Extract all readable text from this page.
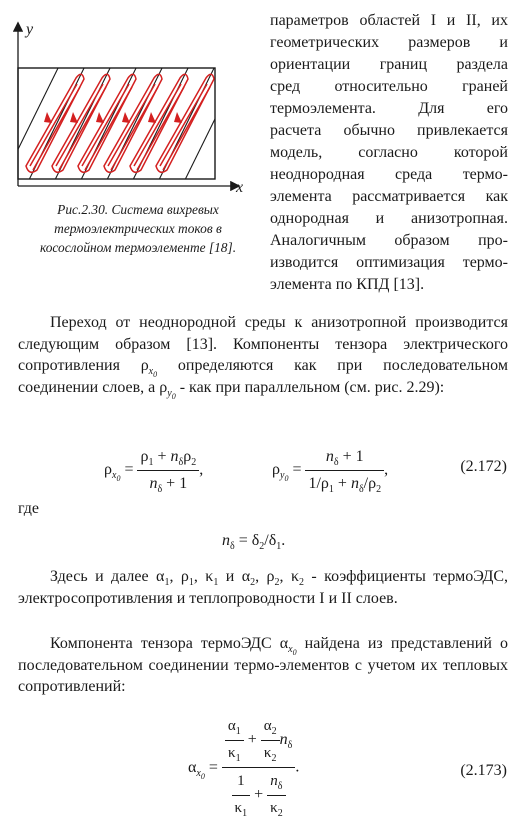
y
x
Рис.2.30. Система вихревых термоэлектрических токов в косослойном термоэлементе [18].
параметров областей I и II, их
геометрических размеров и
ориентации границ раздела
сред относительно граней
термоэлемента. Для его
расчета обычно привлекается
модель, согласно которой
неоднородная среда термо-
элемента рассматривается как
однородная и анизотропная.
Аналогичным образом про-
изводится оптимизация термо-
элемента по КПД [13].
Переход от неоднородной среды к анизотропной производится следующим образом [13]. Компоненты тензора электрического сопротивления $\rho_{x_0}$ определяются как при последовательном соединении слоев, а $\rho_{y_0}$ - как при параллельном (см. рис. 2.29):
$\rho_{x_0} = \frac{\rho_1 + n_\delta\rho_2}{n_\delta + 1}$ ,	$\rho_{y_0} = \frac{n_\delta + 1}{1/\rho_1 + n_\delta/\rho_2}$ ,	(2.172)
где
$n_\delta = \delta_2/\delta_1$.
Здесь и далее $\alpha_1$, $\rho_1$, $\kappa_1$ и $\alpha_2$, $\rho_2$, $\kappa_2$ - коэффициенты термоЭДС, электросопротивления и теплопроводности I и II слоев.
Компонента тензора термоЭДС $\alpha_{x_0}$ найдена из представлений о последовательном соединении термо-элементов с учетом их тепловых сопротивлений:
$\alpha_{x_0} = \frac{\frac{\alpha_1}{\kappa_1} + \frac{\alpha_2}{\kappa_2} n_\delta}{\frac{1}{\kappa_1} + \frac{n_\delta}{\kappa_2}}$ .	(2.173)
